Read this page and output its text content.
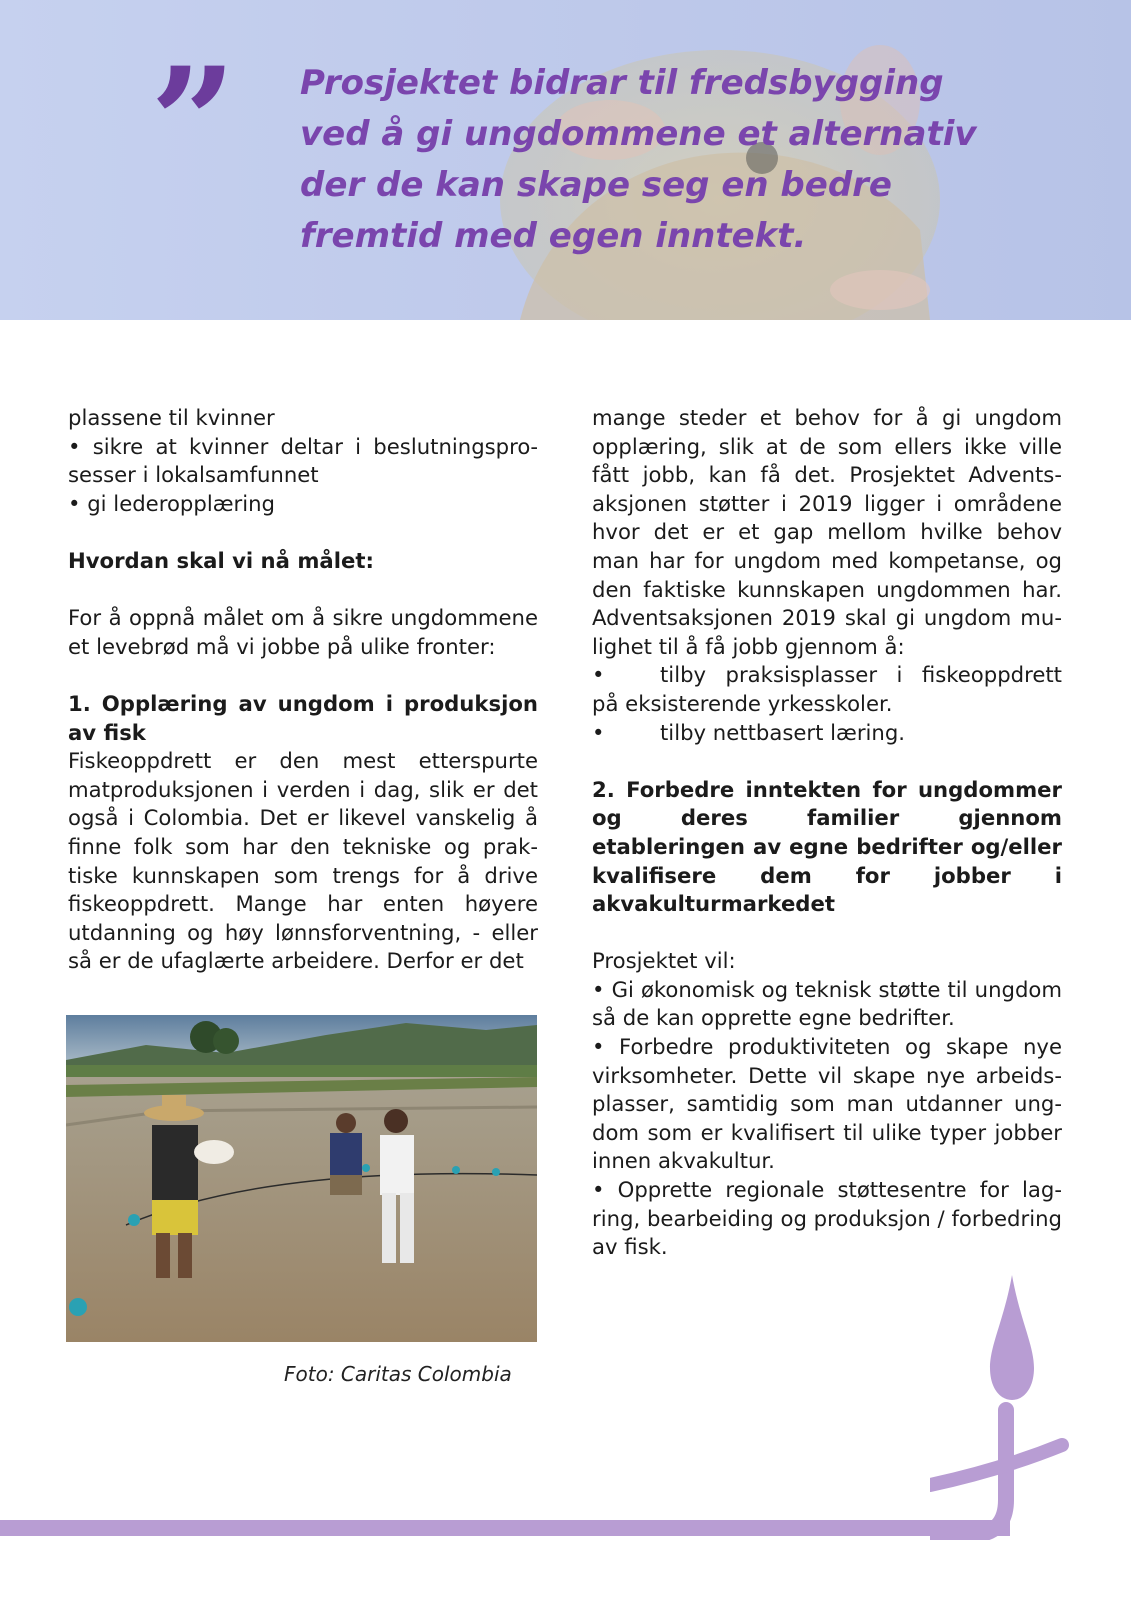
” Prosjektet bidrar til fredsbygging ved å gi ungdommene et alternativ der de kan skape seg en bedre fremtid med egen inntekt.

plassene til kvinner

• sikre at kvinner deltar i beslutningsprosesser i lokalsamfunnet

• gi lederopplæring

Hvordan skal vi nå målet:

For å oppnå målet om å sikre ungdommene et levebrød må vi jobbe på ulike fronter:

1. Opplæring av ungdom i produksjon av fisk

Fiskeoppdrett er den mest etterspurte matproduksjonen i verden i dag, slik er det også i Colombia. Det er likevel vanskelig å finne folk som har den tekniske og praktiske kunnskapen som trengs for å drive fiskeoppdrett. Mange har enten høyere utdanning og høy lønnsforventning, - eller så er de ufaglærte arbeidere. Derfor er det

Foto: Caritas Colombia

mange steder et behov for å gi ungdom opplæring, slik at de som ellers ikke ville fått jobb, kan få det. Prosjektet Adventsaksjonen støtter i 2019 ligger i områdene hvor det er et gap mellom hvilke behov man har for ungdom med kompetanse, og den faktiske kunnskapen ungdommen har. Adventsaksjonen 2019 skal gi ungdom mulighet til å få jobb gjennom å:

•	tilby praksisplasser i fiskeoppdrett

på eksisterende yrkesskoler.

•	tilby nettbasert læring.

2. Forbedre inntekten for ungdommer og deres familier gjennom etableringen av egne bedrifter og/eller kvalifisere dem for jobber i akvakulturmarkedet

Prosjektet vil:

• Gi økonomisk og teknisk støtte til ungdom så de kan opprette egne bedrifter.

• Forbedre produktiviteten og skape nye virksomheter. Dette vil skape nye arbeidsplasser, samtidig som man utdanner ungdom som er kvalifisert til ulike typer jobber innen akvakultur.

• Opprette regionale støttesentre for lagring, bearbeiding og produksjon / forbedring av fisk.
